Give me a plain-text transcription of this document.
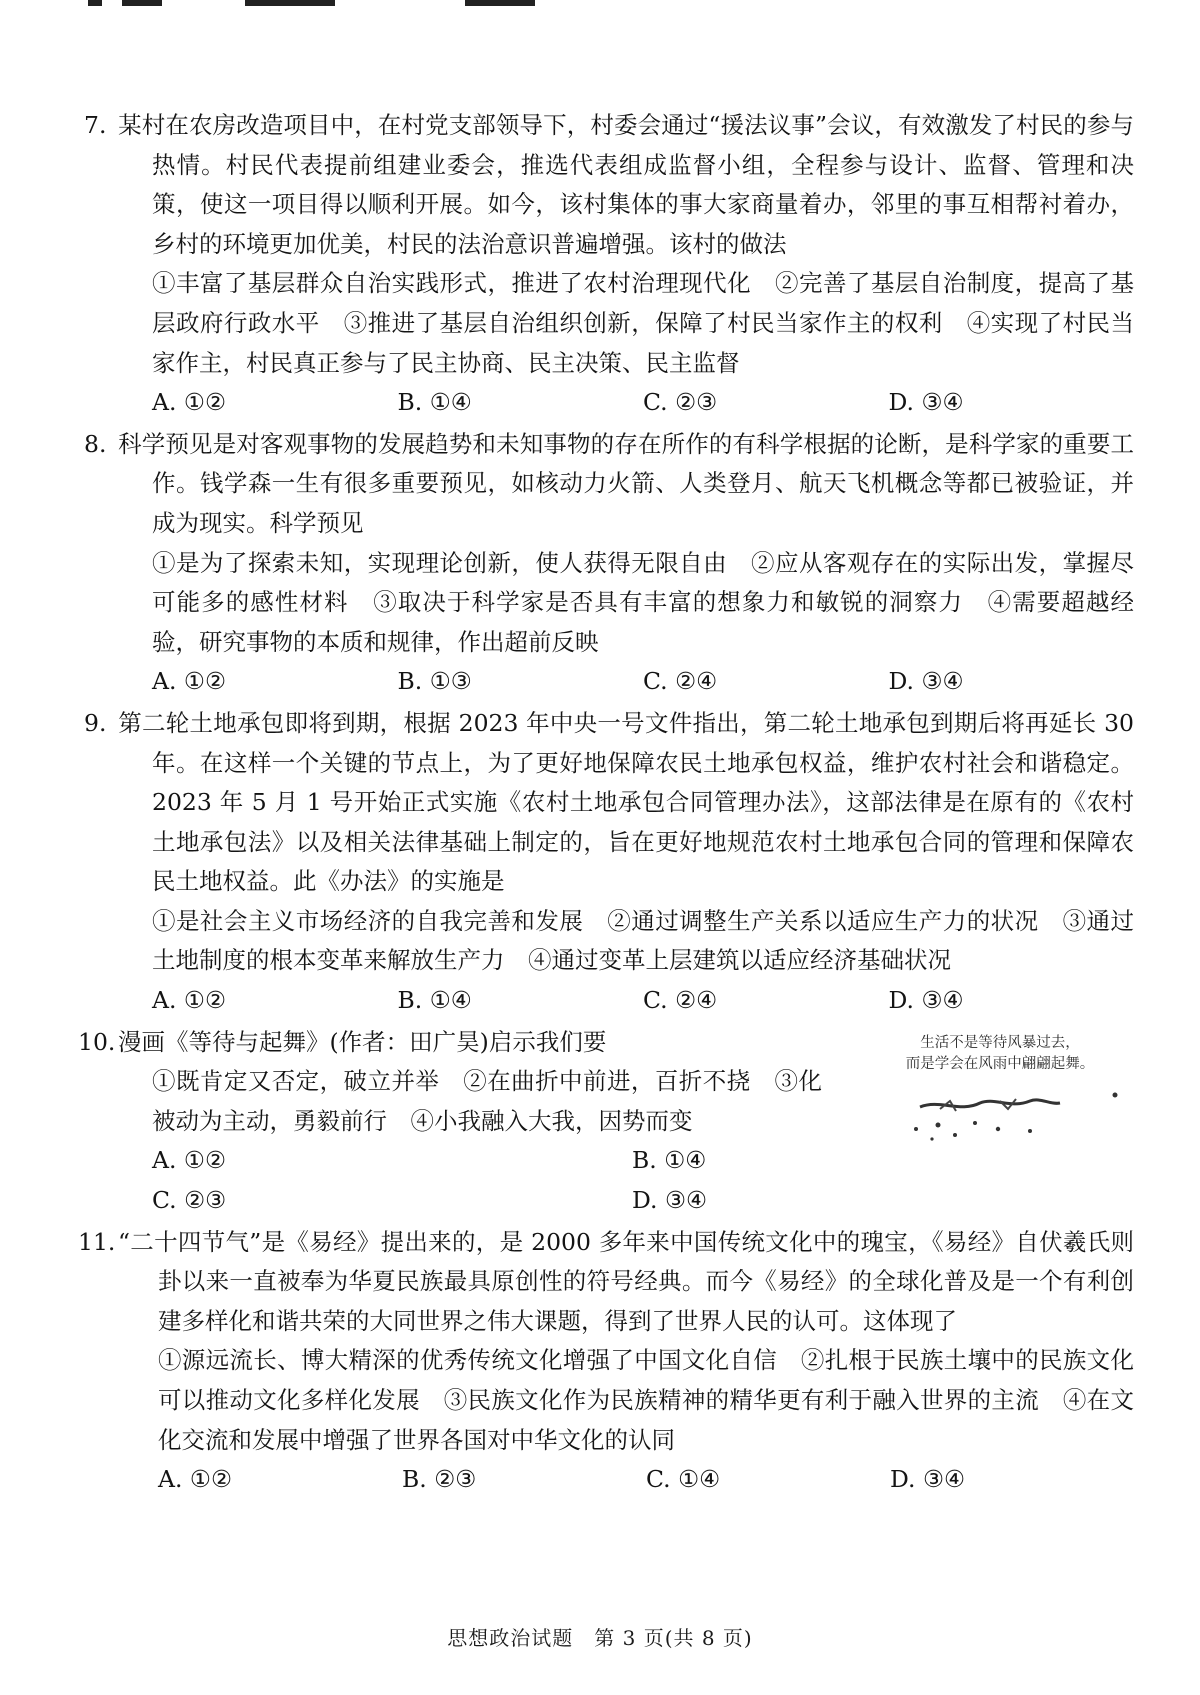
7. 某村在农房改造项目中，在村党支部领导下，村委会通过“援法议事”会议，有效激发了村民的参与热情。村民代表提前组建业委会，推选代表组成监督小组，全程参与设计、监督、管理和决策，使这一项目得以顺利开展。如今，该村集体的事大家商量着办，邻里的事互相帮衬着办，乡村的环境更加优美，村民的法治意识普遍增强。该村的做法

①丰富了基层群众自治实践形式，推进了农村治理现代化　②完善了基层自治制度，提高了基层政府行政水平　③推进了基层自治组织创新，保障了村民当家作主的权利　④实现了村民当家作主，村民真正参与了民主协商、民主决策、民主监督

A. ①②	B. ①④	C. ②③	D. ③④

8. 科学预见是对客观事物的发展趋势和未知事物的存在所作的有科学根据的论断，是科学家的重要工作。钱学森一生有很多重要预见，如核动力火箭、人类登月、航天飞机概念等都已被验证，并成为现实。科学预见

①是为了探索未知，实现理论创新，使人获得无限自由　②应从客观存在的实际出发，掌握尽可能多的感性材料　③取决于科学家是否具有丰富的想象力和敏锐的洞察力　④需要超越经验，研究事物的本质和规律，作出超前反映

A. ①②	B. ①③	C. ②④	D. ③④

9. 第二轮土地承包即将到期，根据 2023 年中央一号文件指出，第二轮土地承包到期后将再延长 30 年。在这样一个关键的节点上，为了更好地保障农民土地承包权益，维护农村社会和谐稳定。2023 年 5 月 1 号开始正式实施《农村土地承包合同管理办法》，这部法律是在原有的《农村土地承包法》以及相关法律基础上制定的，旨在更好地规范农村土地承包合同的管理和保障农民土地权益。此《办法》的实施是

①是社会主义市场经济的自我完善和发展　②通过调整生产关系以适应生产力的状况　③通过土地制度的根本变革来解放生产力　④通过变革上层建筑以适应经济基础状况

A. ①②	B. ①④	C. ②④	D. ③④

10. 漫画《等待与起舞》(作者：田广昊)启示我们要

①既肯定又否定，破立并举　②在曲折中前进，百折不挠　③化被动为主动，勇毅前行　④小我融入大我，因势而变

A. ①②	B. ①④
C. ②③	D. ③④
生活不是等待风暴过去，
而是学会在风雨中翩翩起舞。

11. “二十四节气”是《易经》提出来的，是 2000 多年来中国传统文化中的瑰宝，《易经》自伏羲氏则卦以来一直被奉为华夏民族最具原创性的符号经典。而今《易经》的全球化普及是一个有利创建多样化和谐共荣的大同世界之伟大课题，得到了世界人民的认可。这体现了

①源远流长、博大精深的优秀传统文化增强了中国文化自信　②扎根于民族土壤中的民族文化可以推动文化多样化发展　③民族文化作为民族精神的精华更有利于融入世界的主流　④在文化交流和发展中增强了世界各国对中华文化的认同

A. ①②	B. ②③	C. ①④	D. ③④
思想政治试题　第 3 页(共 8 页)
